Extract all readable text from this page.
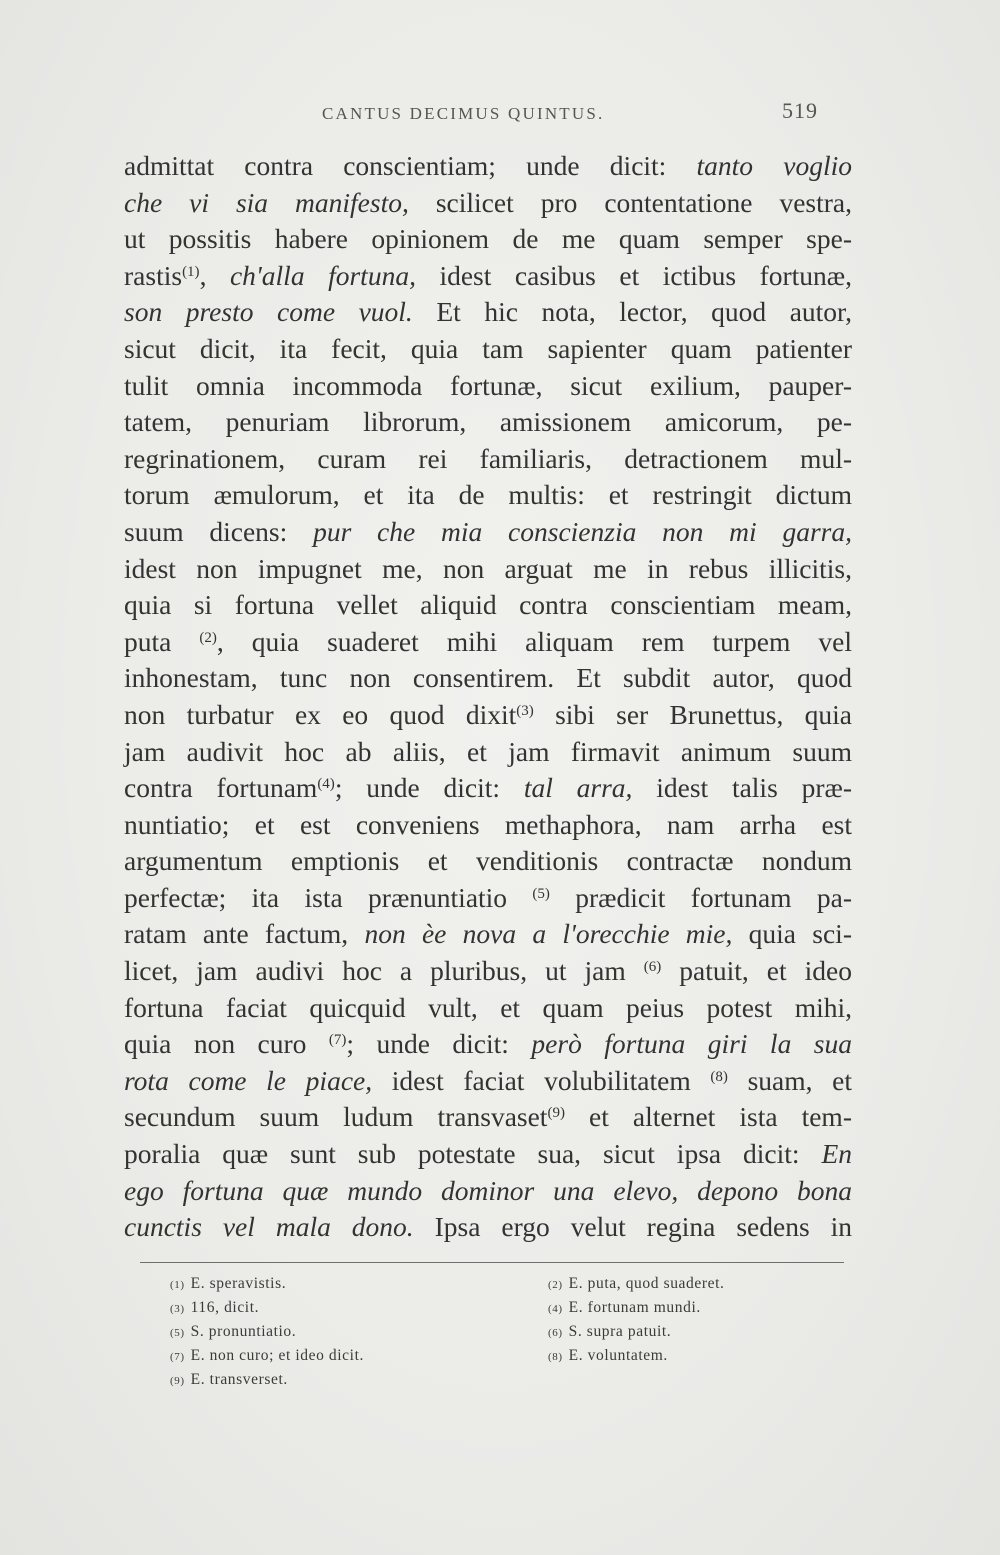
CANTUS DECIMUS QUINTUS.	519
admittat contra conscientiam; unde dicit: tanto voglio
che vi sia manifesto, scilicet pro contentatione vestra,
ut possitis habere opinionem de me quam semper spe-
rastis$^{(1)}$, ch'alla fortuna, idest casibus et ictibus fortunæ,
son presto come vuol. Et hic nota, lector, quod autor,
sicut dicit, ita fecit, quia tam sapienter quam patienter
tulit omnia incommoda fortunæ, sicut exilium, pauper-
tatem, penuriam librorum, amissionem amicorum, pe-
regrinationem, curam rei familiaris, detractionem mul-
torum æmulorum, et ita de multis: et restringit dictum
suum dicens: pur che mia conscienzia non mi garra,
idest non impugnet me, non arguat me in rebus illicitis,
quia si fortuna vellet aliquid contra conscientiam meam,
puta $^{(2)}$, quia suaderet mihi aliquam rem turpem vel
inhonestam, tunc non consentirem. Et subdit autor, quod
non turbatur ex eo quod dixit$^{(3)}$ sibi ser Brunettus, quia
jam audivit hoc ab aliis, et jam firmavit animum suum
contra fortunam$^{(4)}$; unde dicit: tal arra, idest talis præ-
nuntiatio; et est conveniens methaphora, nam arrha est
argumentum emptionis et venditionis contractæ nondum
perfectæ; ita ista prænuntiatio $^{(5)}$ prædicit fortunam pa-
ratam ante factum, non èe nova a l'orecchie mie, quia sci-
licet, jam audivi hoc a pluribus, ut jam $^{(6)}$ patuit, et ideo
fortuna faciat quicquid vult, et quam peius potest mihi,
quia non curo $^{(7)}$; unde dicit: però fortuna giri la sua
rota come le piace, idest faciat volubilitatem $^{(8)}$ suam, et
secundum suum ludum transvaset$^{(9)}$ et alternet ista tem-
poralia quæ sunt sub potestate sua, sicut ipsa dicit: En
ego fortuna quæ mundo dominor una elevo, depono bona
cunctis vel mala dono. Ipsa ergo velut regina sedens in
(1) E. speravistis.
(3) 116, dicit.
(5) S. pronuntiatio.
(7) E. non curo; et ideo dicit.
(9) E. transverset.
(2) E. puta, quod suaderet.
(4) E. fortunam mundi.
(6) S. supra patuit.
(8) E. voluntatem.
